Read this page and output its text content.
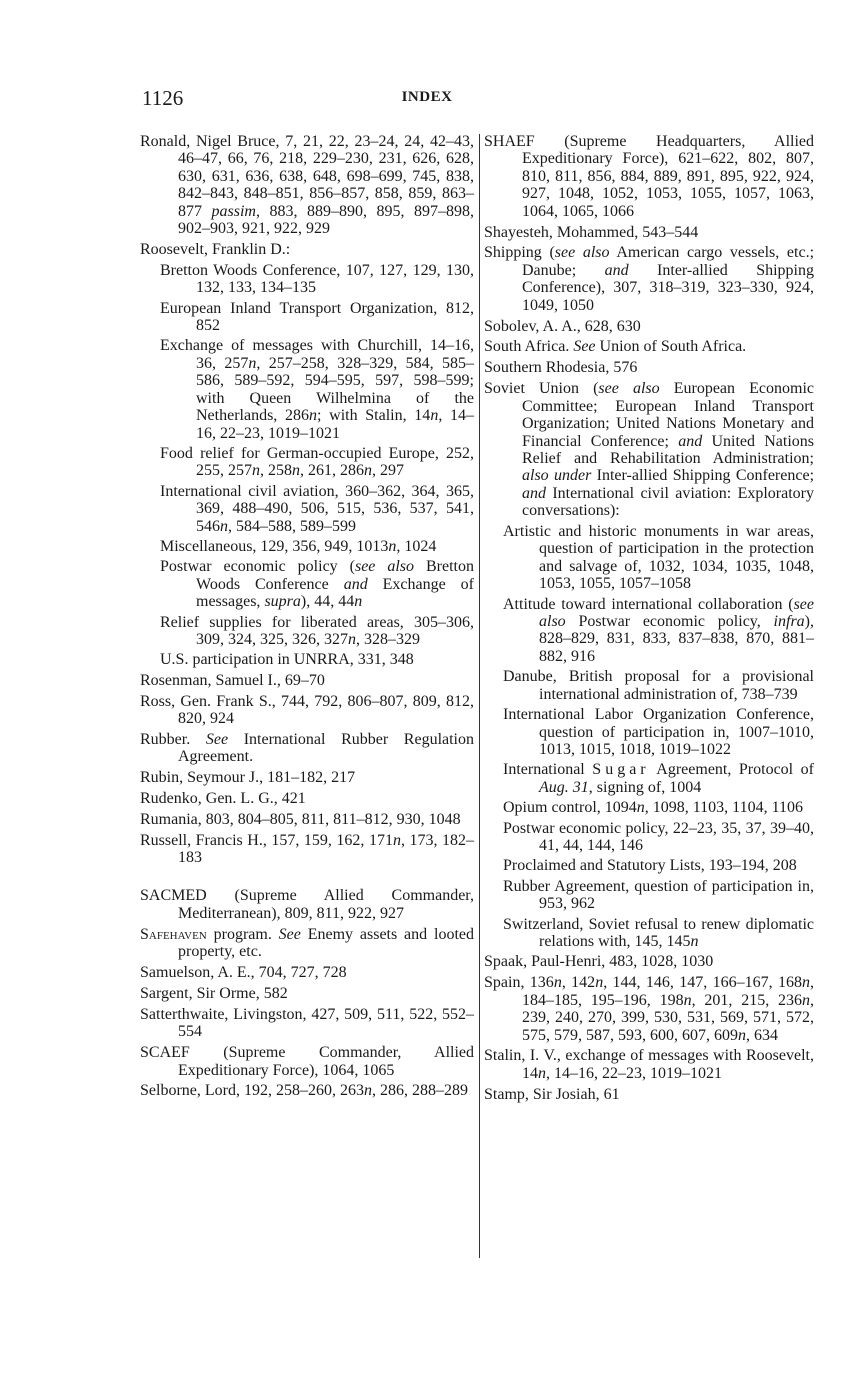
1126	INDEX

Ronald, Nigel Bruce, 7, 21, 22, 23–24, 24, 42–43, 46–47, 66, 76, 218, 229–230, 231, 626, 628, 630, 631, 636, 638, 648, 698–699, 745, 838, 842–843, 848–851, 856–857, 858, 859, 863–877 passim, 883, 889–890, 895, 897–898, 902–903, 921, 922, 929

Roosevelt, Franklin D.:

Bretton Woods Conference, 107, 127, 129, 130, 132, 133, 134–135

European Inland Transport Organization, 812, 852

Exchange of messages with Churchill, 14–16, 36, 257n, 257–258, 328–329, 584, 585–586, 589–592, 594–595, 597, 598–599; with Queen Wilhelmina of the Netherlands, 286n; with Stalin, 14n, 14–16, 22–23, 1019–1021

Food relief for German-occupied Europe, 252, 255, 257n, 258n, 261, 286n, 297

International civil aviation, 360–362, 364, 365, 369, 488–490, 506, 515, 536, 537, 541, 546n, 584–588, 589–599

Miscellaneous, 129, 356, 949, 1013n, 1024

Postwar economic policy (see also Bretton Woods Conference and Exchange of messages, supra), 44, 44n

Relief supplies for liberated areas, 305–306, 309, 324, 325, 326, 327n, 328–329

U.S. participation in UNRRA, 331, 348

Rosenman, Samuel I., 69–70

Ross, Gen. Frank S., 744, 792, 806–807, 809, 812, 820, 924

Rubber. See International Rubber Regulation Agreement.

Rubin, Seymour J., 181–182, 217

Rudenko, Gen. L. G., 421

Rumania, 803, 804–805, 811, 811–812, 930, 1048

Russell, Francis H., 157, 159, 162, 171n, 173, 182–183

SACMED (Supreme Allied Commander, Mediterranean), 809, 811, 922, 927

Safehaven program. See Enemy assets and looted property, etc.

Samuelson, A. E., 704, 727, 728

Sargent, Sir Orme, 582

Satterthwaite, Livingston, 427, 509, 511, 522, 552–554

SCAEF (Supreme Commander, Allied Expeditionary Force), 1064, 1065

Selborne, Lord, 192, 258–260, 263n, 286, 288–289

SHAEF (Supreme Headquarters, Allied Expeditionary Force), 621–622, 802, 807, 810, 811, 856, 884, 889, 891, 895, 922, 924, 927, 1048, 1052, 1053, 1055, 1057, 1063, 1064, 1065, 1066

Shayesteh, Mohammed, 543–544

Shipping (see also American cargo vessels, etc.; Danube; and Inter-allied Shipping Conference), 307, 318–319, 323–330, 924, 1049, 1050

Sobolev, A. A., 628, 630

South Africa. See Union of South Africa.

Southern Rhodesia, 576

Soviet Union (see also European Economic Committee; European Inland Transport Organization; United Nations Monetary and Financial Conference; and United Nations Relief and Rehabilitation Administration; also under Inter-allied Shipping Conference; and International civil aviation: Exploratory conversations):

Artistic and historic monuments in war areas, question of participation in the protection and salvage of, 1032, 1034, 1035, 1048, 1053, 1055, 1057–1058

Attitude toward international collaboration (see also Postwar economic policy, infra), 828–829, 831, 833, 837–838, 870, 881–882, 916

Danube, British proposal for a provisional international administration of, 738–739

International Labor Organization Conference, question of participation in, 1007–1010, 1013, 1015, 1018, 1019–1022

International Sugar Agreement, Protocol of Aug. 31, signing of, 1004

Opium control, 1094n, 1098, 1103, 1104, 1106

Postwar economic policy, 22–23, 35, 37, 39–40, 41, 44, 144, 146

Proclaimed and Statutory Lists, 193–194, 208

Rubber Agreement, question of participation in, 953, 962

Switzerland, Soviet refusal to renew diplomatic relations with, 145, 145n

Spaak, Paul-Henri, 483, 1028, 1030

Spain, 136n, 142n, 144, 146, 147, 166–167, 168n, 184–185, 195–196, 198n, 201, 215, 236n, 239, 240, 270, 399, 530, 531, 569, 571, 572, 575, 579, 587, 593, 600, 607, 609n, 634

Stalin, I. V., exchange of messages with Roosevelt, 14n, 14–16, 22–23, 1019–1021

Stamp, Sir Josiah, 61
